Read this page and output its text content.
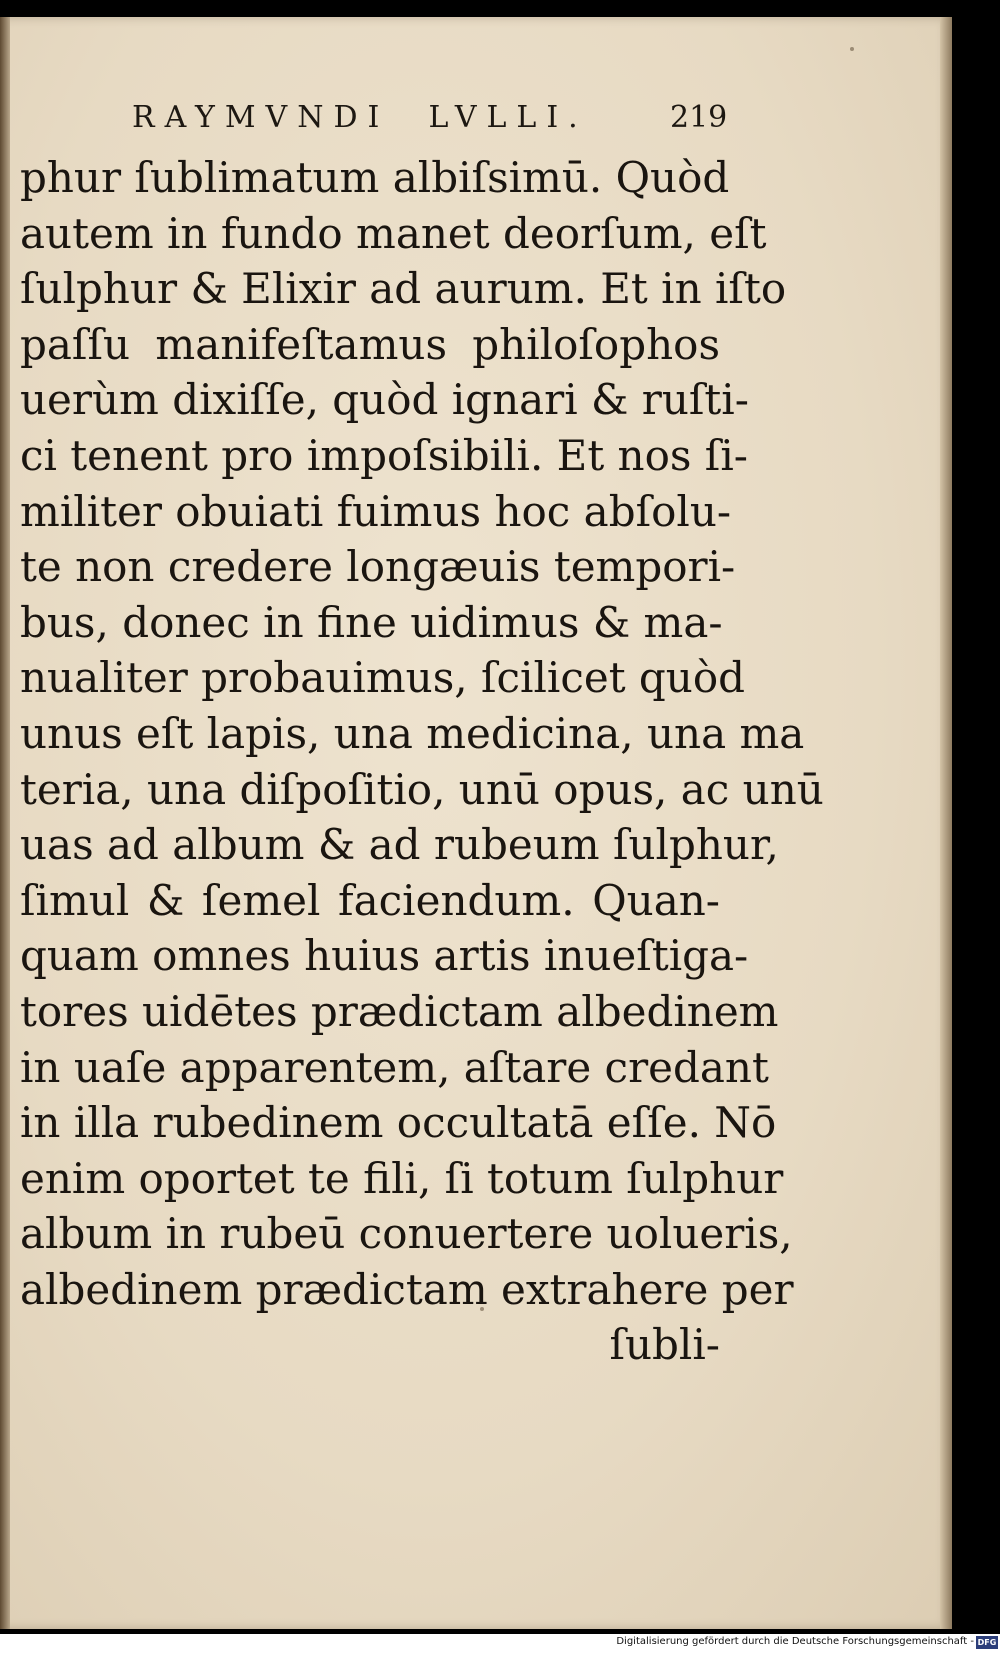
RAYMVNDI  LVLLI.	219
phur ſublimatum albiſsimū. Quòd
autem in fundo manet deorſum, eſt
ſulphur & Elixir ad aurum. Et in iſto
paſſu manifeſtamus philoſophos
uerùm dixiſſe, quòd ignari & ruſti-
ci tenent pro impoſsibili. Et nos ſi-
militer obuiati fuimus hoc abſolu-
te non credere longæuis tempori-
bus, donec in fine uidimus & ma-
nualiter probauimus, ſcilicet quòd
unus eſt lapis, una medicina, una ma
teria, una diſpoſitio, unū opus, ac unū
uas ad album & ad rubeum ſulphur,
ſimul & ſemel faciendum. Quan-
quam omnes huius artis inueſtiga-
tores uidētes prædictam albedinem
in uaſe apparentem, aſtare credant
in illa rubedinem occultatā eſſe. Nō
enim oportet te fili, ſi totum ſulphur
album in rubeū conuertere uolueris,
albedinem prædictam extrahere per
ſubli-
Digitalisierung gefördert durch die Deutsche Forschungsgemeinschaft - DFG
